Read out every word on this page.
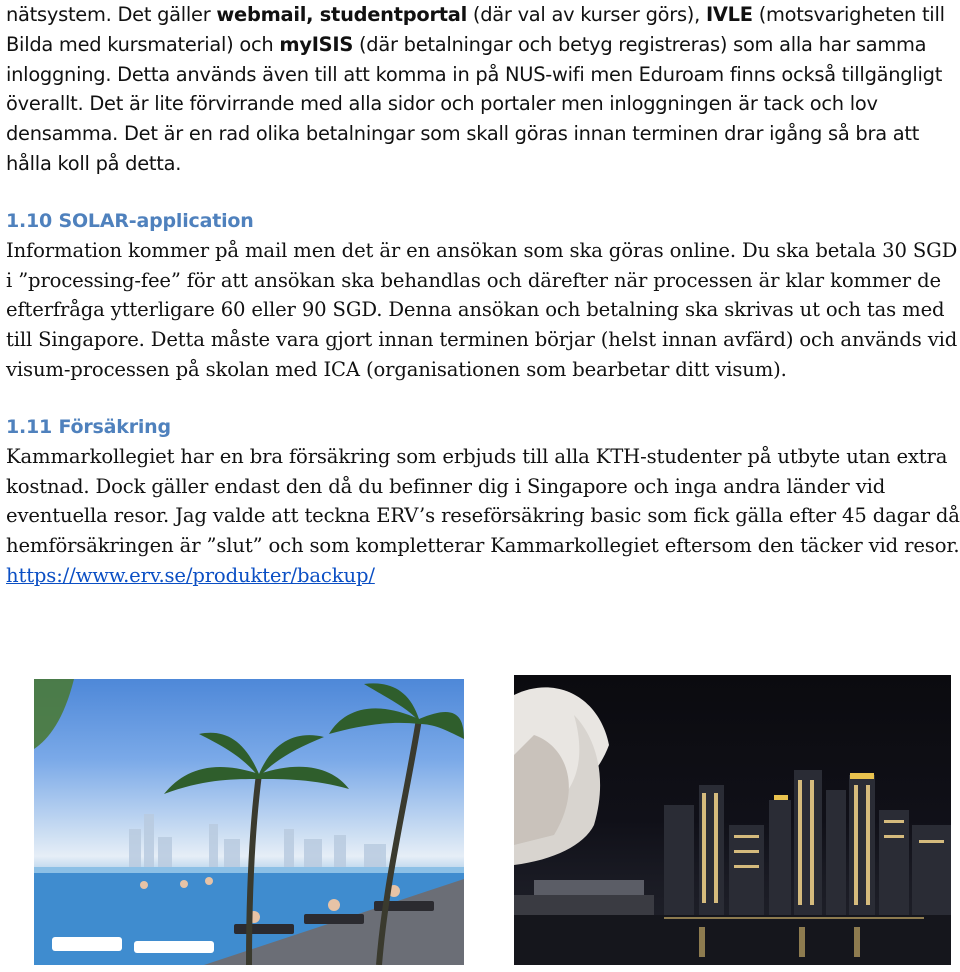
nätsystem. Det gäller webmail, studentportal (där val av kurser görs), IVLE (motsvarigheten till Bilda med kursmaterial) och myISIS (där betalningar och betyg registreras) som alla har samma inloggning. Detta används även till att komma in på NUS-wifi men Eduroam finns också tillgängligt överallt. Det är lite förvirrande med alla sidor och portaler men inloggningen är tack och lov densamma. Det är en rad olika betalningar som skall göras innan terminen drar igång så bra att hålla koll på detta.

1.10 SOLAR-application

Information kommer på mail men det är en ansökan som ska göras online. Du ska betala 30 SGD i ”processing-fee” för att ansökan ska behandlas och därefter när processen är klar kommer de efterfråga ytterligare 60 eller 90 SGD. Denna ansökan och betalning ska skrivas ut och tas med till Singapore. Detta måste vara gjort innan terminen börjar (helst innan avfärd) och används vid visum-processen på skolan med ICA (organisationen som bearbetar ditt visum).

1.11 Försäkring

Kammarkollegiet har en bra försäkring som erbjuds till alla KTH-studenter på utbyte utan extra kostnad. Dock gäller endast den då du befinner dig i Singapore och inga andra länder vid eventuella resor. Jag valde att teckna ERV’s reseförsäkring basic som fick gälla efter 45 dagar då hemförsäkringen är ”slut” och som kompletterar Kammarkollegiet eftersom den täcker vid resor. https://www.erv.se/produkter/backup/
